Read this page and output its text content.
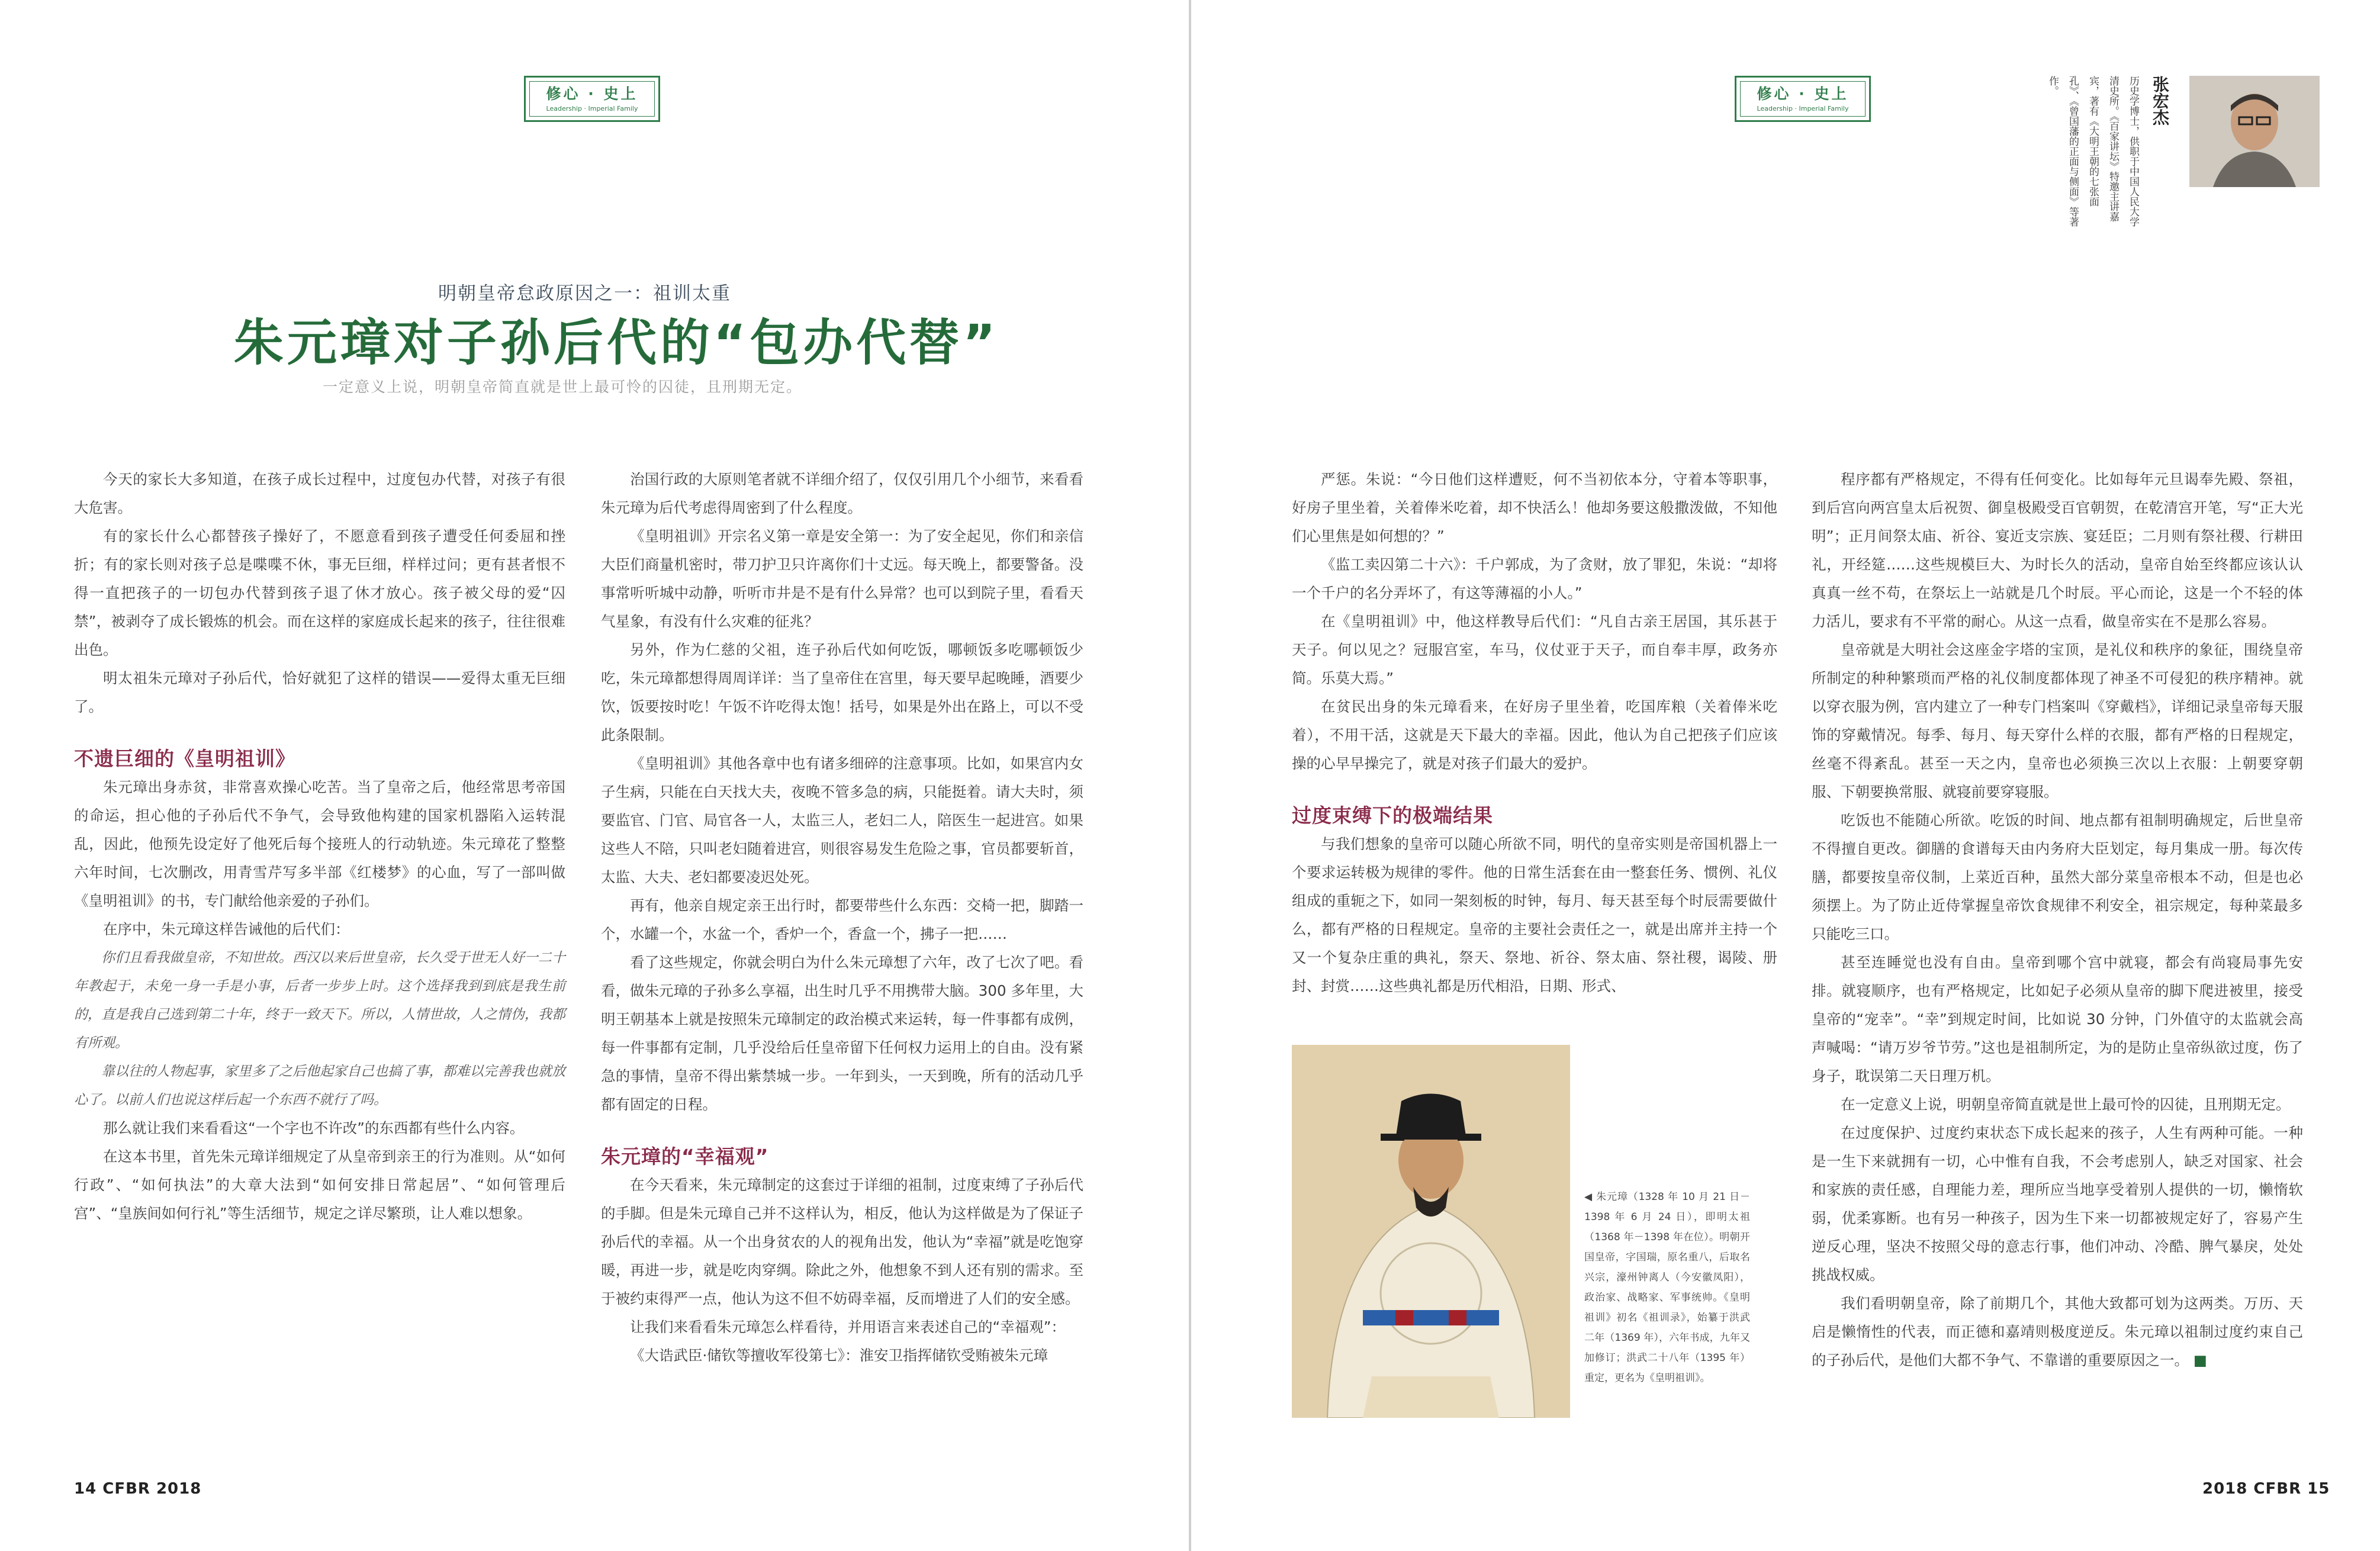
修心 · 史上
Leadership · Imperial Family
明朝皇帝怠政原因之一：祖训太重
朱元璋对子孙后代的“包办代替”
一定意义上说，明朝皇帝简直就是世上最可怜的囚徒，且刑期无定。

今天的家长大多知道，在孩子成长过程中，过度包办代替，对孩子有很大危害。

有的家长什么心都替孩子操好了，不愿意看到孩子遭受任何委屈和挫折；有的家长则对孩子总是喋喋不休，事无巨细，样样过问；更有甚者恨不得一直把孩子的一切包办代替到孩子退了休才放心。孩子被父母的爱“囚禁”，被剥夺了成长锻炼的机会。而在这样的家庭成长起来的孩子，往往很难出色。

明太祖朱元璋对子孙后代，恰好就犯了这样的错误——爱得太重无巨细了。

不遗巨细的《皇明祖训》

朱元璋出身赤贫，非常喜欢操心吃苦。当了皇帝之后，他经常思考帝国的命运，担心他的子孙后代不争气，会导致他构建的国家机器陷入运转混乱，因此，他预先设定好了他死后每个接班人的行动轨迹。朱元璋花了整整六年时间，七次删改，用青雪芹写多半部《红楼梦》的心血，写了一部叫做《皇明祖训》的书，专门献给他亲爱的子孙们。

在序中，朱元璋这样告诫他的后代们：

你们且看我做皇帝，不知世故。西汉以来后世皇帝，长久受于世无人好一二十年教起于，未免一身一手是小事，后者一步步上时。这个选择我到到底是我生前的，直是我自己选到第二十年，终于一致天下。所以，人情世故，人之情伪，我都有所观。

靠以往的人物起事，家里多了之后他起家自己也搞了事，都难以完善我也就放心了。以前人们也说这样后起一个东西不就行了吗。

那么就让我们来看看这“一个字也不许改”的东西都有些什么内容。

在这本书里，首先朱元璋详细规定了从皇帝到亲王的行为准则。从“如何行政”、“如何执法”的大章大法到“如何安排日常起居”、“如何管理后宫”、“皇族间如何行礼”等生活细节，规定之详尽繁琐，让人难以想象。

治国行政的大原则笔者就不详细介绍了，仅仅引用几个小细节，来看看朱元璋为后代考虑得周密到了什么程度。

《皇明祖训》开宗名义第一章是安全第一：为了安全起见，你们和亲信大臣们商量机密时，带刀护卫只许离你们十丈远。每天晚上，都要警备。没事常听听城中动静，听听市井是不是有什么异常？也可以到院子里，看看天气星象，有没有什么灾难的征兆？

另外，作为仁慈的父祖，连子孙后代如何吃饭，哪顿饭多吃哪顿饭少吃，朱元璋都想得周周详详：当了皇帝住在宫里，每天要早起晚睡，酒要少饮，饭要按时吃！午饭不许吃得太饱！括号，如果是外出在路上，可以不受此条限制。

《皇明祖训》其他各章中也有诸多细碎的注意事项。比如，如果宫内女子生病，只能在白天找大夫，夜晚不管多急的病，只能挺着。请大夫时，须要监官、门官、局官各一人，太监三人，老妇二人，陪医生一起进宫。如果这些人不陪，只叫老妇随着进宫，则很容易发生危险之事，官员都要斩首，太监、大夫、老妇都要凌迟处死。

再有，他亲自规定亲王出行时，都要带些什么东西：交椅一把，脚踏一个，水罐一个，水盆一个，香炉一个，香盒一个，拂子一把……

看了这些规定，你就会明白为什么朱元璋想了六年，改了七次了吧。看看，做朱元璋的子孙多么享福，出生时几乎不用携带大脑。300 多年里，大明王朝基本上就是按照朱元璋制定的政治模式来运转，每一件事都有成例，每一件事都有定制，几乎没给后任皇帝留下任何权力运用上的自由。没有紧急的事情，皇帝不得出紫禁城一步。一年到头，一天到晚，所有的活动几乎都有固定的日程。

朱元璋的“幸福观”

在今天看来，朱元璋制定的这套过于详细的祖制，过度束缚了子孙后代的手脚。但是朱元璋自己并不这样认为，相反，他认为这样做是为了保证子孙后代的幸福。从一个出身贫农的人的视角出发，他认为“幸福”就是吃饱穿暖，再进一步，就是吃肉穿绸。除此之外，他想象不到人还有别的需求。至于被约束得严一点，他认为这不但不妨碍幸福，反而增进了人们的安全感。

让我们来看看朱元璋怎么样看待，并用语言来表述自己的“幸福观”：

《大诰武臣·储钦等擅收军役第七》：淮安卫指挥储钦受贿被朱元璋

14 CFBR 2018
修心 · 史上
Leadership · Imperial Family	张宏杰
历史学博士，供职于中国人民大学清史所。《百家讲坛》特邀主讲嘉宾，著有《大明王朝的七张面孔》、《曾国藩的正面与侧面》等著作。

严惩。朱说：“今日他们这样遭贬，何不当初依本分，守着本等职事，好房子里坐着，关着俸米吃着，却不快活么！他却务要这般撒泼做，不知他们心里焦是如何想的？”

《监工卖囚第二十六》：千户郭成，为了贪财，放了罪犯，朱说：“却将一个千户的名分弄坏了，有这等薄福的小人。”

在《皇明祖训》中，他这样教导后代们：“凡自古亲王居国，其乐甚于天子。何以见之？冠服宫室，车马，仪仗亚于天子，而自奉丰厚，政务亦简。乐莫大焉。”

在贫民出身的朱元璋看来，在好房子里坐着，吃国库粮（关着俸米吃着），不用干活，这就是天下最大的幸福。因此，他认为自己把孩子们应该操的心早早操完了，就是对孩子们最大的爱护。

过度束缚下的极端结果

与我们想象的皇帝可以随心所欲不同，明代的皇帝实则是帝国机器上一个要求运转极为规律的零件。他的日常生活套在由一整套任务、惯例、礼仪组成的重轭之下，如同一架刻板的时钟，每月、每天甚至每个时辰需要做什么，都有严格的日程规定。皇帝的主要社会责任之一，就是出席并主持一个又一个复杂庄重的典礼，祭天、祭地、祈谷、祭太庙、祭社稷，谒陵、册封、封赏……这些典礼都是历代相沿，日期、形式、

◀ 朱元璋（1328 年 10 月 21 日－1398 年 6 月 24 日），即明太祖（1368 年－1398 年在位）。明朝开国皇帝，字国瑞，原名重八，后取名兴宗，濠州钟离人（今安徽凤阳），政治家、战略家、军事统帅。《皇明祖训》初名《祖训录》，始纂于洪武二年（1369 年），六年书成，九年又加修订；洪武二十八年（1395 年）重定，更名为《皇明祖训》。

程序都有严格规定，不得有任何变化。比如每年元旦谒奉先殿、祭祖，到后宫向两宫皇太后祝贺、御皇极殿受百官朝贺，在乾清宫开笔，写“正大光明”；正月间祭太庙、祈谷、宴近支宗族、宴廷臣；二月则有祭社稷、行耕田礼，开经筵……这些规模巨大、为时长久的活动，皇帝自始至终都应该认认真真一丝不苟，在祭坛上一站就是几个时辰。平心而论，这是一个不轻的体力活儿，要求有不平常的耐心。从这一点看，做皇帝实在不是那么容易。

皇帝就是大明社会这座金字塔的宝顶，是礼仪和秩序的象征，围绕皇帝所制定的种种繁琐而严格的礼仪制度都体现了神圣不可侵犯的秩序精神。就以穿衣服为例，宫内建立了一种专门档案叫《穿戴档》，详细记录皇帝每天服饰的穿戴情况。每季、每月、每天穿什么样的衣服，都有严格的日程规定，丝毫不得紊乱。甚至一天之内，皇帝也必须换三次以上衣服：上朝要穿朝服、下朝要换常服、就寝前要穿寝服。

吃饭也不能随心所欲。吃饭的时间、地点都有祖制明确规定，后世皇帝不得擅自更改。御膳的食谱每天由内务府大臣划定，每月集成一册。每次传膳，都要按皇帝仪制，上菜近百种，虽然大部分菜皇帝根本不动，但是也必须摆上。为了防止近侍掌握皇帝饮食规律不利安全，祖宗规定，每种菜最多只能吃三口。

甚至连睡觉也没有自由。皇帝到哪个宫中就寝，都会有尚寝局事先安排。就寝顺序，也有严格规定，比如妃子必须从皇帝的脚下爬进被里，接受皇帝的“宠幸”。“幸”到规定时间，比如说 30 分钟，门外值守的太监就会高声喊喝：“请万岁爷节劳。”这也是祖制所定，为的是防止皇帝纵欲过度，伤了身子，耽误第二天日理万机。

在一定意义上说，明朝皇帝简直就是世上最可怜的囚徒，且刑期无定。

在过度保护、过度约束状态下成长起来的孩子，人生有两种可能。一种是一生下来就拥有一切，心中惟有自我，不会考虑别人，缺乏对国家、社会和家族的责任感，自理能力差，理所应当地享受着别人提供的一切，懒惰软弱，优柔寡断。也有另一种孩子，因为生下来一切都被规定好了，容易产生逆反心理，坚决不按照父母的意志行事，他们冲动、冷酷、脾气暴戾，处处挑战权威。

我们看明朝皇帝，除了前期几个，其他大致都可划为这两类。万历、天启是懒惰性的代表，而正德和嘉靖则极度逆反。朱元璋以祖制过度约束自己的子孙后代，是他们大都不争气、不靠谱的重要原因之一。 ■

2018 CFBR 15
